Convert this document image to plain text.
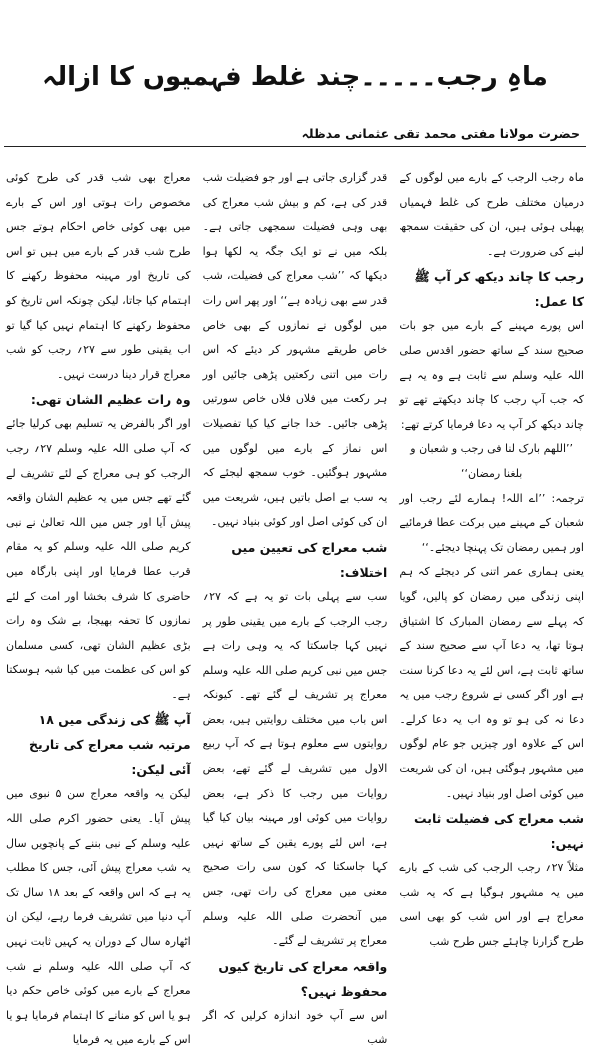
ماہِ رجب۔۔۔۔۔چند غلط فہمیوں کا ازالہ
حضرت مولانا مفتی محمد تقی عثمانی مدظلہ

ماہ رجب الرجب کے بارے میں لوگوں کے درمیان مختلف طرح کی غلط فہمیاں پھیلی ہوئی ہیں، ان کی حقیقت سمجھ لینے کی ضرورت ہے۔

رجب کا چاند دیکھ کر آپ ﷺ کا عمل:

اس پورے مہینے کے بارے میں جو بات صحیح سند کے ساتھ حضور اقدس صلی اللہ علیہ وسلم سے ثابت ہے وہ یہ ہے کہ جب آپ رجب کا چاند دیکھتے تھے تو چاند دیکھ کر آپ یہ دعا فرمایا کرتے تھے:

’’اللھم بارک لنا فی رجب و شعبان و بلغنا رمضان‘‘

ترجمہ: ’’اے اللہ! ہمارے لئے رجب اور شعبان کے مہینے میں برکت عطا فرمائیے اور ہمیں رمضان تک پہنچا دیجئے۔‘‘

یعنی ہماری عمر اتنی کر دیجئے کہ ہم اپنی زندگی میں رمضان کو پالیں، گویا کہ پہلے سے رمضان المبارک کا اشتیاق ہوتا تھا، یہ دعا آپ سے صحیح سند کے ساتھ ثابت ہے، اس لئے یہ دعا کرنا سنت ہے اور اگر کسی نے شروع رجب میں یہ دعا نہ کی ہو تو وہ اب یہ دعا کرلے۔ اس کے علاوہ اور چیزیں جو عام لوگوں میں مشہور ہوگئی ہیں، ان کی شریعت میں کوئی اصل اور بنیاد نہیں۔

شب معراج کی فضیلت ثابت نہیں:

مثلاً ۲۷؍ رجب الرجب کی شب کے بارے میں یہ مشہور ہوگیا ہے کہ یہ شب معراج ہے اور اس شب کو بھی اسی طرح گزارنا چاہئے جس طرح شب

قدر گزاری جاتی ہے اور جو فضیلت شب قدر کی ہے، کم و بیش شب معراج کی بھی وہی فضیلت سمجھی جاتی ہے۔ بلکہ میں نے تو ایک جگہ یہ لکھا ہوا دیکھا کہ ’’شب معراج کی فضیلت، شب قدر سے بھی زیادہ ہے‘‘ اور پھر اس رات میں لوگوں نے نمازوں کے بھی خاص خاص طریقے مشہور کر دیئے کہ اس رات میں اتنی رکعتیں پڑھی جائیں اور ہر رکعت میں فلاں فلاں خاص سورتیں پڑھی جائیں۔ خدا جانے کیا کیا تفصیلات اس نماز کے بارے میں لوگوں میں مشہور ہوگئیں۔ خوب سمجھ لیجئے کہ یہ سب بے اصل باتیں ہیں، شریعت میں ان کی کوئی اصل اور کوئی بنیاد نہیں۔

شب معراج کی تعیین میں اختلاف:

سب سے پہلی بات تو یہ ہے کہ ۲۷؍ رجب الرجب کے بارے میں یقینی طور پر نہیں کہا جاسکتا کہ یہ وہی رات ہے جس میں نبی کریم صلی اللہ علیہ وسلم معراج پر تشریف لے گئے تھے۔ کیونکہ اس باب میں مختلف روایتیں ہیں، بعض روایتوں سے معلوم ہوتا ہے کہ آپ ربیع الاول میں تشریف لے گئے تھے، بعض روایات میں رجب کا ذکر ہے، بعض روایات میں کوئی اور مہینہ بیان کیا گیا ہے، اس لئے پورے یقین کے ساتھ نہیں کہا جاسکتا کہ کون سی رات صحیح معنی میں معراج کی رات تھی، جس میں آنحضرت صلی اللہ علیہ وسلم معراج پر تشریف لے گئے۔

واقعہ معراج کی تاریخ کیوں محفوظ نہیں؟

اس سے آپ خود اندازہ کرلیں کہ اگر شب

معراج بھی شب قدر کی طرح کوئی مخصوص رات ہوتی اور اس کے بارے میں بھی کوئی خاص احکام ہوتے جس طرح شب قدر کے بارے میں ہیں تو اس کی تاریخ اور مہینہ محفوظ رکھنے کا اہتمام کیا جاتا، لیکن چونکہ اس تاریخ کو محفوظ رکھنے کا اہتمام نہیں کیا گیا تو اب یقینی طور سے ۲۷؍ رجب کو شب معراج قرار دینا درست نہیں۔

وہ رات عظیم الشان تھی:

اور اگر بالفرض یہ تسلیم بھی کرلیا جائے کہ آپ صلی اللہ علیہ وسلم ۲۷؍ رجب الرجب کو ہی معراج کے لئے تشریف لے گئے تھے جس میں یہ عظیم الشان واقعہ پیش آیا اور جس میں اللہ تعالیٰ نے نبی کریم صلی اللہ علیہ وسلم کو یہ مقام قرب عطا فرمایا اور اپنی بارگاہ میں حاضری کا شرف بخشا اور امت کے لئے نمازوں کا تحفہ بھیجا، بے شک وہ رات بڑی عظیم الشان تھی، کسی مسلمان کو اس کی عظمت میں کیا شبہ ہوسکتا ہے۔

آپ ﷺ کی زندگی میں ۱۸ مرتبہ شب معراج کی تاریخ آئی لیکن:

لیکن یہ واقعہ معراج سن ۵ نبوی میں پیش آیا۔ یعنی حضور اکرم صلی اللہ علیہ وسلم کے نبی بننے کے پانچویں سال یہ شب معراج پیش آئی، جس کا مطلب یہ ہے کہ اس واقعہ کے بعد ۱۸ سال تک آپ دنیا میں تشریف فرما رہے، لیکن ان اٹھارہ سال کے دوران یہ کہیں ثابت نہیں کہ آپ صلی اللہ علیہ وسلم نے شب معراج کے بارے میں کوئی خاص حکم دیا ہو یا اس کو منانے کا اہتمام فرمایا ہو یا اس کے بارے میں یہ فرمایا
